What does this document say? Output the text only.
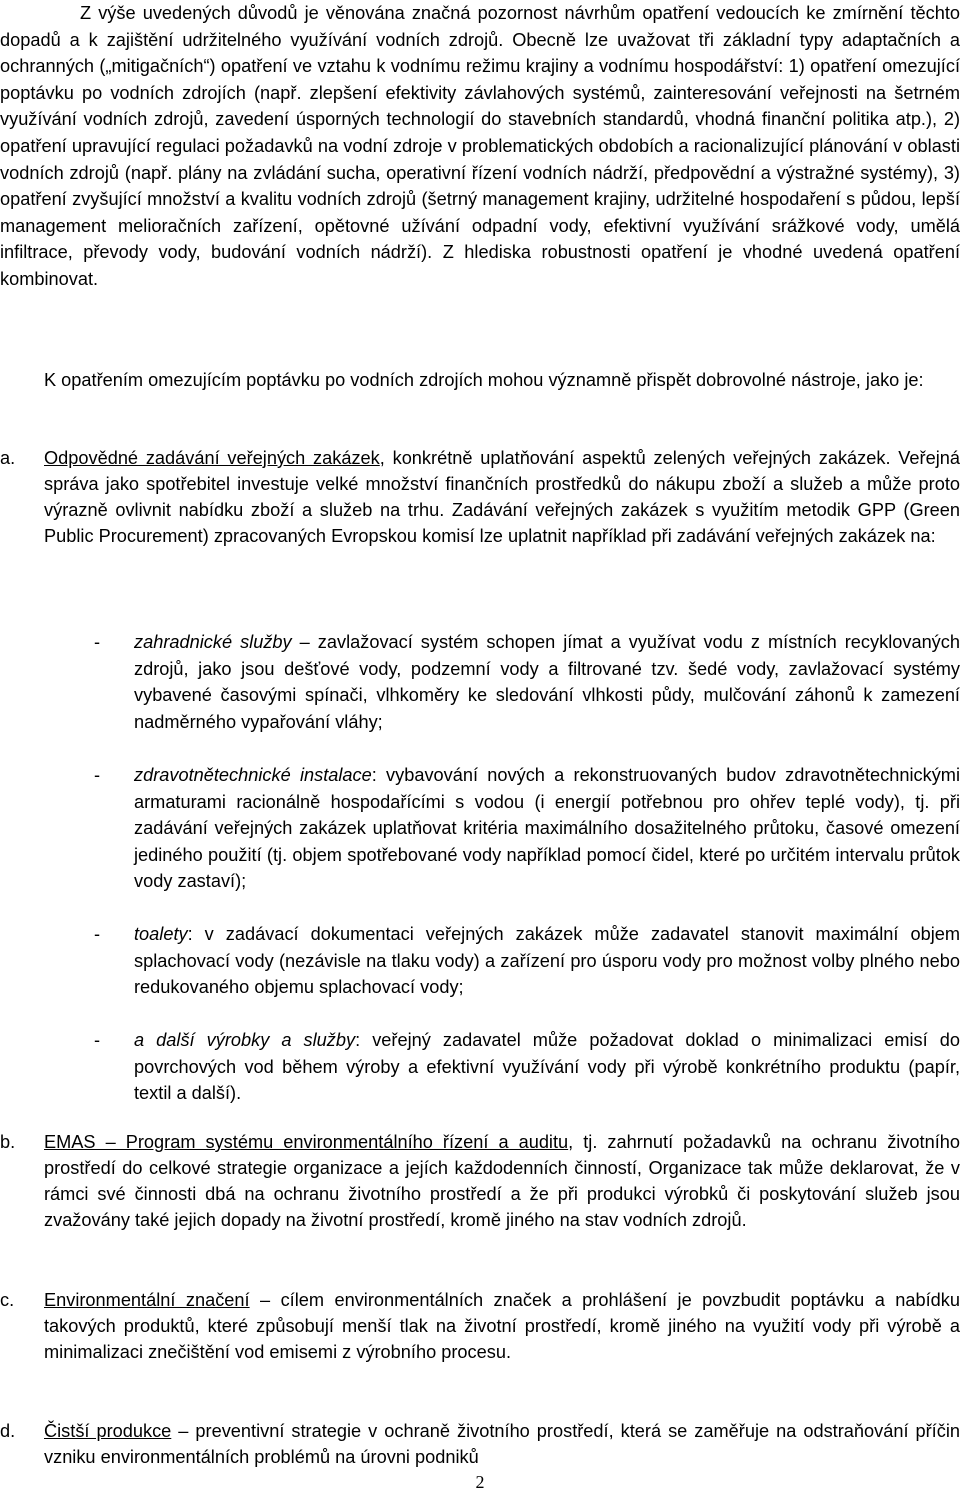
Z výše uvedených důvodů je věnována značná pozornost návrhům opatření vedoucích ke zmírnění těchto dopadů a k zajištění udržitelného využívání vodních zdrojů. Obecně lze uvažovat tři základní typy adaptačních a ochranných („mitigačních“) opatření ve vztahu k vodnímu režimu krajiny a vodnímu hospodářství: 1) opatření omezující poptávku po vodních zdrojích (např. zlepšení efektivity závlahových systémů, zainteresování veřejnosti na šetrném využívání vodních zdrojů, zavedení úsporných technologií do stavebních standardů, vhodná finanční politika atp.), 2) opatření upravující regulaci požadavků na vodní zdroje v problematických obdobích a racionalizující plánování v oblasti vodních zdrojů (např. plány na zvládání sucha, operativní řízení vodních nádrží, předpovědní a výstražné systémy), 3) opatření zvyšující množství a kvalitu vodních zdrojů (šetrný management krajiny, udržitelné hospodaření s půdou, lepší management melioračních zařízení, opětovné užívání odpadní vody, efektivní využívání srážkové vody, umělá infiltrace, převody vody, budování vodních nádrží). Z hlediska robustnosti opatření je vhodné uvedená opatření kombinovat.

K opatřením omezujícím poptávku po vodních zdrojích mohou významně přispět dobrovolné nástroje, jako je:

a. Odpovědné zadávání veřejných zakázek, konkrétně uplatňování aspektů zelených veřejných zakázek. Veřejná správa jako spotřebitel investuje velké množství finančních prostředků do nákupu zboží a služeb a může proto výrazně ovlivnit nabídku zboží a služeb na trhu. Zadávání veřejných zakázek s využitím metodik GPP (Green Public Procurement) zpracovaných Evropskou komisí lze uplatnit například při zadávání veřejných zakázek na:
- zahradnické služby – zavlažovací systém schopen jímat a využívat vodu z místních recyklovaných zdrojů, jako jsou dešťové vody, podzemní vody a filtrované tzv. šedé vody, zavlažovací systémy vybavené časovými spínači, vlhkoměry ke sledování vlhkosti půdy, mulčování záhonů k zamezení nadměrného vypařování vláhy;
- zdravotnětechnické instalace: vybavování nových a rekonstruovaných budov zdravotnětechnickými armaturami racionálně hospodařícími s vodou (i energií potřebnou pro ohřev teplé vody), tj. při zadávání veřejných zakázek uplatňovat kritéria maximálního dosažitelného průtoku, časové omezení jediného použití (tj. objem spotřebované vody například pomocí čidel, které po určitém intervalu průtok vody zastaví);
- toalety: v zadávací dokumentaci veřejných zakázek může zadavatel stanovit maximální objem splachovací vody (nezávisle na tlaku vody) a zařízení pro úsporu vody pro možnost volby plného nebo redukovaného objemu splachovací vody;
- a další výrobky a služby: veřejný zadavatel může požadovat doklad o minimalizaci emisí do povrchových vod během výroby a efektivní využívání vody při výrobě konkrétního produktu (papír, textil a další).
b. EMAS – Program systému environmentálního řízení a auditu, tj. zahrnutí požadavků na ochranu životního prostředí do celkové strategie organizace a jejích každodenních činností, Organizace tak může deklarovat, že v rámci své činnosti dbá na ochranu životního prostředí a že při produkci výrobků či poskytování služeb jsou zvažovány také jejich dopady na životní prostředí, kromě jiného na stav vodních zdrojů.
c. Environmentální značení – cílem environmentálních značek a prohlášení je povzbudit poptávku a nabídku takových produktů, které způsobují menší tlak na životní prostředí, kromě jiného na využití vody při výrobě a minimalizaci znečištění vod emisemi z výrobního procesu.
d. Čistší produkce – preventivní strategie v ochraně životního prostředí, která se zaměřuje na odstraňování příčin vzniku environmentálních problémů na úrovni podniků
2
